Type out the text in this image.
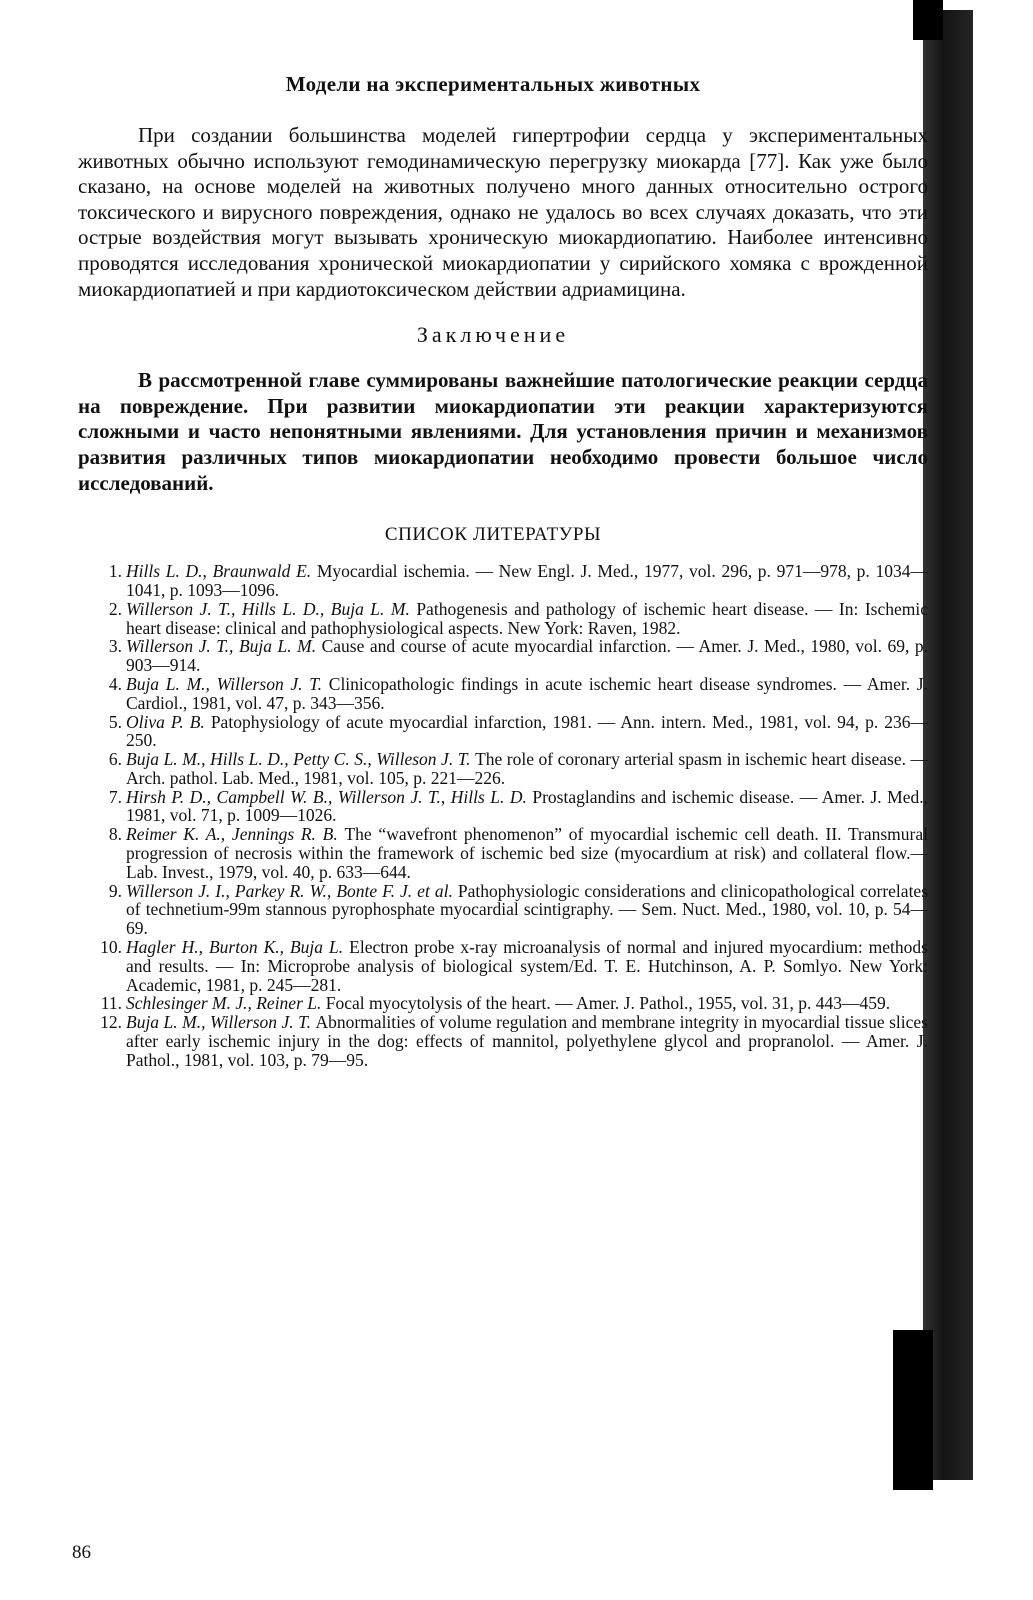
Модели на экспериментальных животных

При создании большинства моделей гипертрофии сердца у экспериментальных животных обычно используют гемодинамическую перегрузку миокарда [77]. Как уже было сказано, на основе моделей на животных получено много данных относительно острого токсического и вирусного повреждения, однако не удалось во всех случаях доказать, что эти острые воздействия могут вызывать хроническую миокардиопатию. Наиболее интенсивно проводятся исследования хронической миокардиопатии у сирийского хомяка с врожденной миокардиопатией и при кардиотоксическом действии адриамицина.

Заключение

В рассмотренной главе суммированы важнейшие патологические реакции сердца на повреждение. При развитии миокардиопатии эти реакции характеризуются сложными и часто непонятными явлениями. Для установления причин и механизмов развития различных типов миокардиопатии необходимо провести большое число исследований.

СПИСОК ЛИТЕРАТУРЫ
1. Hills L. D., Braunwald E. Myocardial ischemia. — New Engl. J. Med., 1977, vol. 296, p. 971—978, p. 1034—1041, p. 1093—1096.
2. Willerson J. T., Hills L. D., Buja L. M. Pathogenesis and pathology of ischemic heart disease. — In: Ischemic heart disease: clinical and pathophysiological aspects. New York: Raven, 1982.
3. Willerson J. T., Buja L. M. Cause and course of acute myocardial infarction. — Amer. J. Med., 1980, vol. 69, p. 903—914.
4. Buja L. M., Willerson J. T. Clinicopathologic findings in acute ischemic heart disease syndromes. — Amer. J. Cardiol., 1981, vol. 47, p. 343—356.
5. Oliva P. B. Patophysiology of acute myocardial infarction, 1981. — Ann. intern. Med., 1981, vol. 94, p. 236—250.
6. Buja L. M., Hills L. D., Petty C. S., Willeson J. T. The role of coronary arterial spasm in ischemic heart disease. — Arch. pathol. Lab. Med., 1981, vol. 105, p. 221—226.
7. Hirsh P. D., Campbell W. B., Willerson J. T., Hills L. D. Prostaglandins and ischemic disease. — Amer. J. Med., 1981, vol. 71, p. 1009—1026.
8. Reimer K. A., Jennings R. B. The “wavefront phenomenon” of myocardial ischemic cell death. II. Transmural progression of necrosis within the framework of ischemic bed size (myocardium at risk) and collateral flow.— Lab. Invest., 1979, vol. 40, p. 633—644.
9. Willerson J. I., Parkey R. W., Bonte F. J. et al. Pathophysiologic considerations and clinicopathological correlates of technetium-99m stannous pyrophosphate myocardial scintigraphy. — Sem. Nuct. Med., 1980, vol. 10, p. 54—69.
10. Hagler H., Burton K., Buja L. Electron probe x-ray microanalysis of normal and injured myocardium: methods and results. — In: Microprobe analysis of biological system/Ed. T. E. Hutchinson, A. P. Somlyo. New York: Academic, 1981, p. 245—281.
11. Schlesinger M. J., Reiner L. Focal myocytolysis of the heart. — Amer. J. Pathol., 1955, vol. 31, p. 443—459.
12. Buja L. M., Willerson J. T. Abnormalities of volume regulation and membrane integrity in myocardial tissue slices after early ischemic injury in the dog: effects of mannitol, polyethylene glycol and propranolol. — Amer. J. Pathol., 1981, vol. 103, p. 79—95.
86
